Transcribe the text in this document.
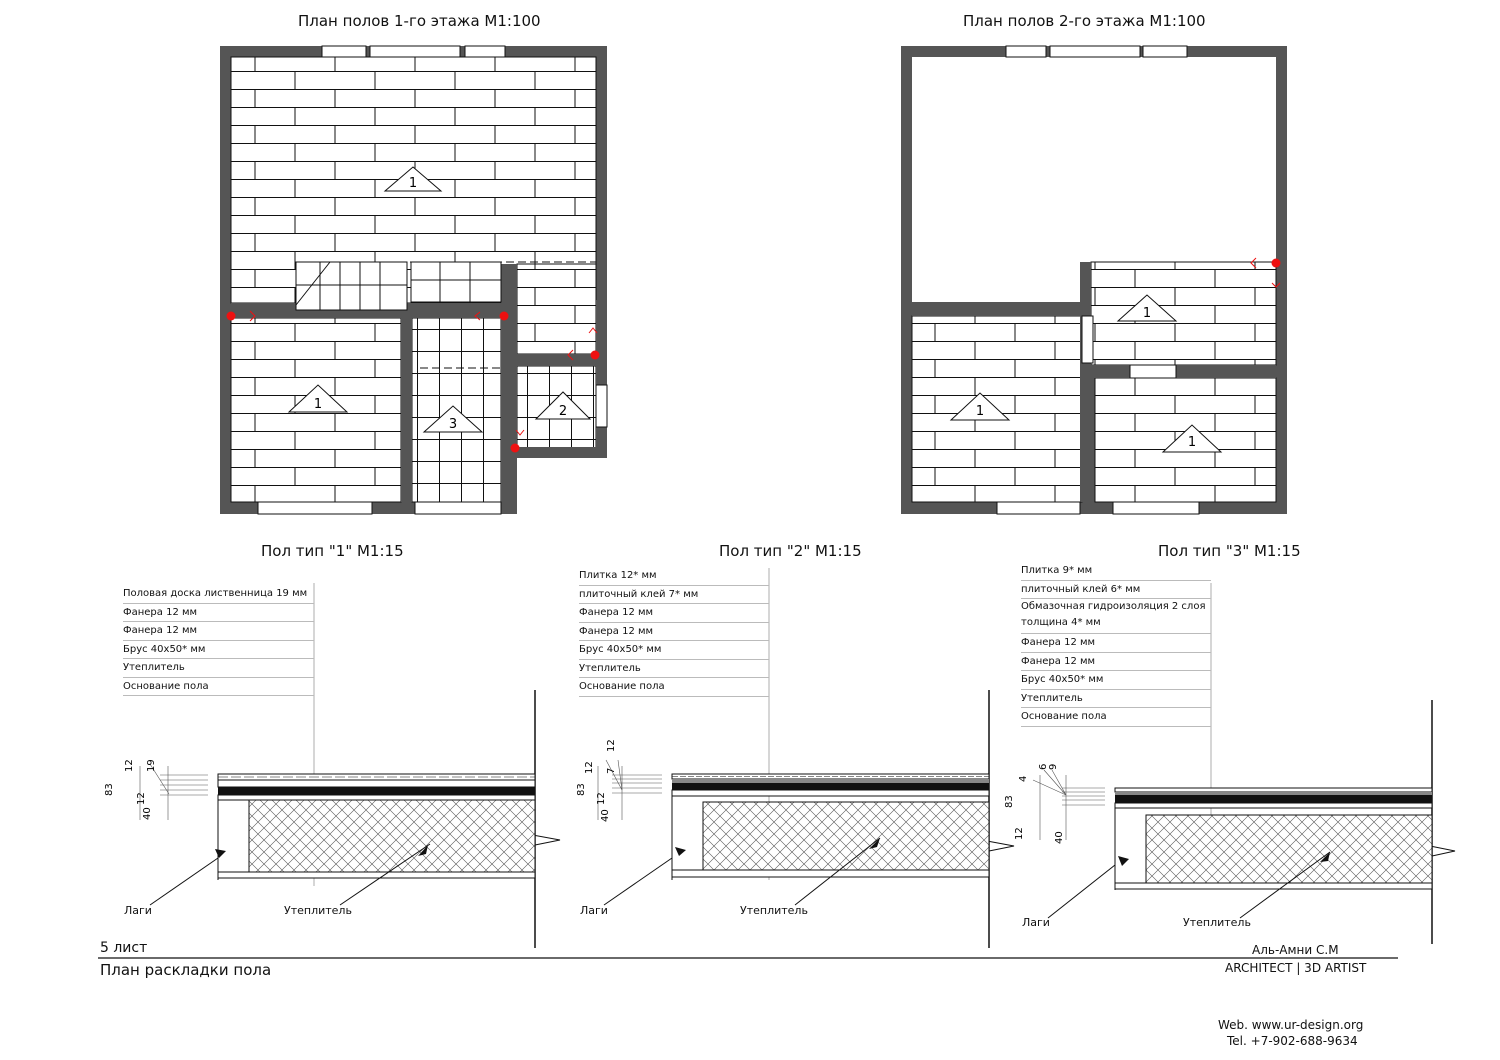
1
1
3
2
1
1
1
12 19
83
12
40
83
12
40
12 7
12
4
6 9
83
12	40
План полов 1-го этажа М1:100	План полов 2-го этажа М1:100
Пол тип "1" М1:15	Пол тип "2" М1:15	Пол тип "3" М1:15
Половая доска лиственница 19 мм
Фанера 12 мм
Фанера 12 мм
Брус 40х50* мм
Утеплитель
Основание пола
Плитка 12* мм
плиточный клей 7* мм
Фанера 12 мм
Фанера 12 мм
Брус 40х50* мм
Утеплитель
Основание пола
Плитка 9* мм
плиточный клей 6* мм
Обмазочная гидроизоляция 2 слоя толщина 4* мм
Фанера 12 мм
Фанера 12 мм
Брус 40х50* мм
Утеплитель
Основание пола
Лаги	Утеплитель	Лаги	Утеплитель
Лаги	Утеплитель
5 лист
План раскладки пола
Аль-Амни С.М
ARCHITECT | 3D ARTIST
Web. www.ur-design.org
Tel. +7-902-688-9634
